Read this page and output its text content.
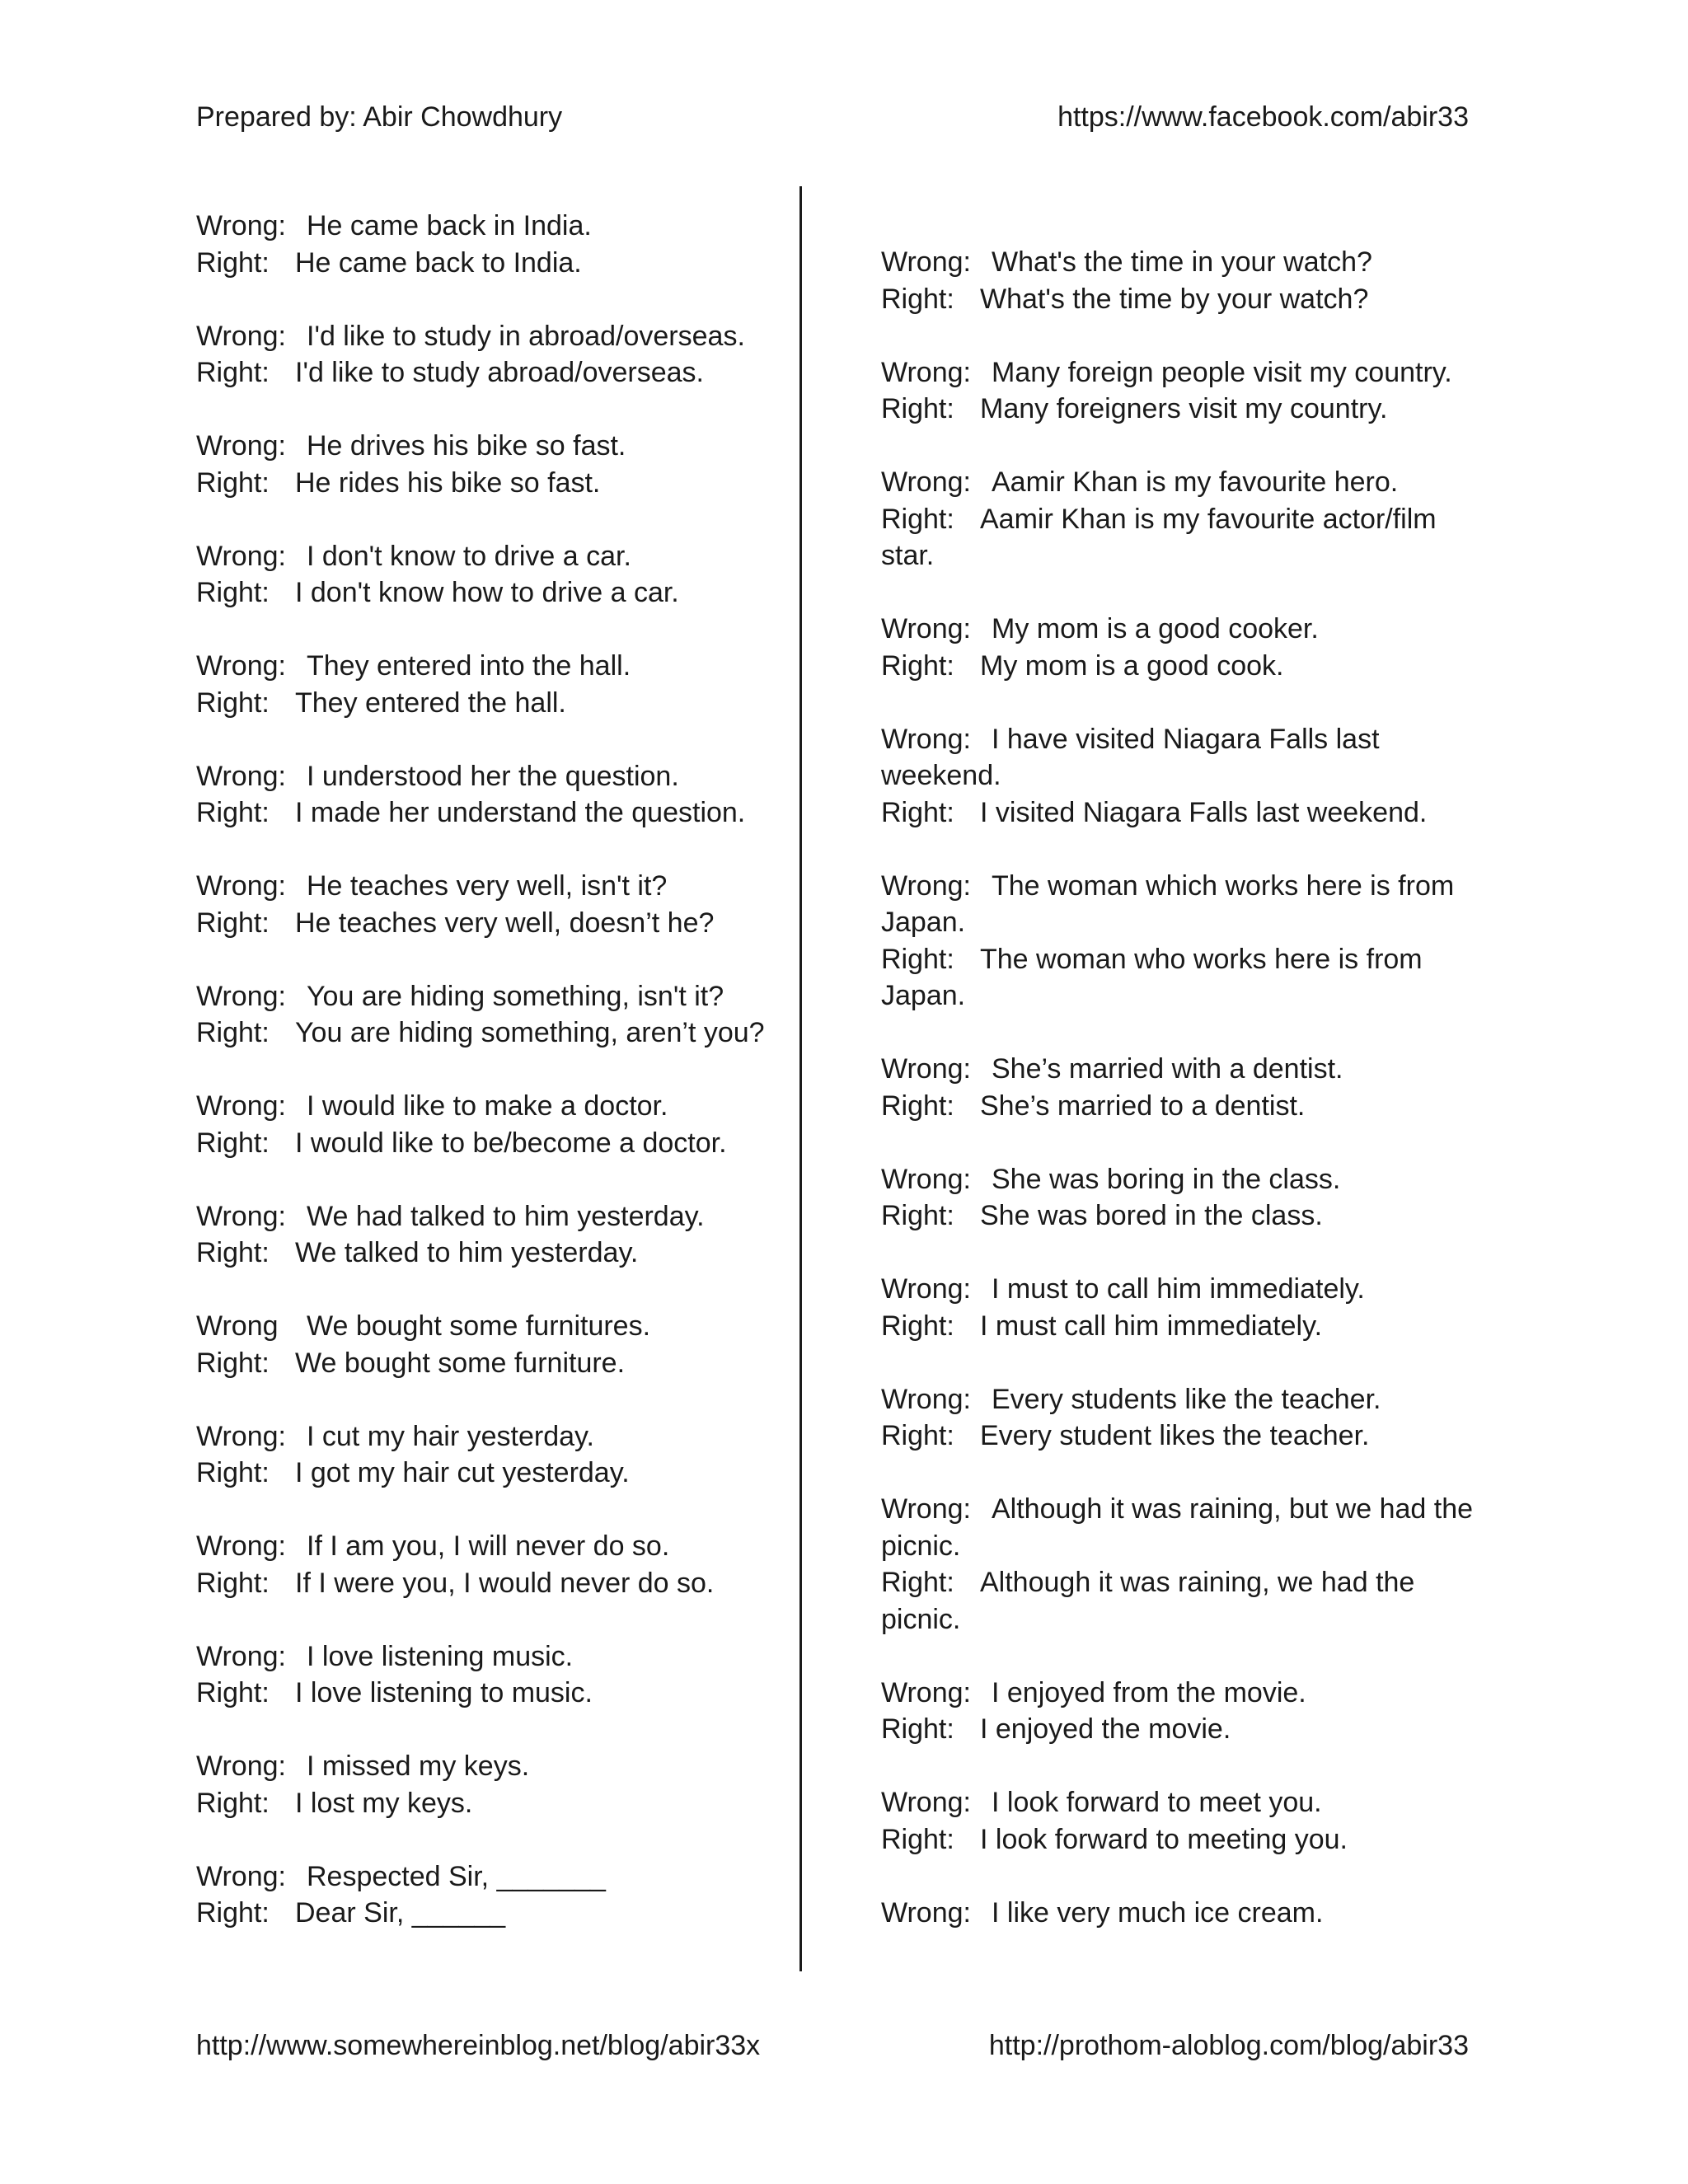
Prepared by: Abir Chowdhury	https://www.facebook.com/abir33
Wrong: He came back in India.
Right: He came back to India.
Wrong: I'd like to study in abroad/overseas.
Right: I'd like to study abroad/overseas.
Wrong: He drives his bike so fast.
Right: He rides his bike so fast.
Wrong: I don't know to drive a car.
Right: I don't know how to drive a car.
Wrong: They entered into the hall.
Right: They entered the hall.
Wrong: I understood her the question.
Right: I made her understand the question.
Wrong: He teaches very well, isn't it?
Right: He teaches very well, doesn’t he?
Wrong: You are hiding something, isn't it?
Right: You are hiding something, aren’t you?
Wrong: I would like to make a doctor.
Right: I would like to be/become a doctor.
Wrong: We had talked to him yesterday.
Right: We talked to him yesterday.
Wrong We bought some furnitures.
Right: We bought some furniture.
Wrong: I cut my hair yesterday.
Right: I got my hair cut yesterday.
Wrong: If I am you, I will never do so.
Right: If I were you, I would never do so.
Wrong: I love listening music.
Right: I love listening to music.
Wrong: I missed my keys.
Right: I lost my keys.
Wrong: Respected Sir, _______
Right: Dear Sir, ______
Wrong: What's the time in your watch?
Right: What's the time by your watch?
Wrong: Many foreign people visit my country.
Right: Many foreigners visit my country.
Wrong: Aamir Khan is my favourite hero.
Right: Aamir Khan is my favourite actor/film star.
Wrong: My mom is a good cooker.
Right: My mom is a good cook.
Wrong: I have visited Niagara Falls last weekend.
Right: I visited Niagara Falls last weekend.
Wrong: The woman which works here is from Japan.
Right: The woman who works here is from Japan.
Wrong: She’s married with a dentist.
Right: She’s married to a dentist.
Wrong: She was boring in the class.
Right: She was bored in the class.
Wrong: I must to call him immediately.
Right: I must call him immediately.
Wrong: Every students like the teacher.
Right: Every student likes the teacher.
Wrong: Although it was raining, but we had the picnic.
Right: Although it was raining, we had the picnic.
Wrong: I enjoyed from the movie.
Right: I enjoyed the movie.
Wrong: I look forward to meet you.
Right: I look forward to meeting you.
Wrong: I like very much ice cream.
http://www.somewhereinblog.net/blog/abir33x	http://prothom-aloblog.com/blog/abir33
